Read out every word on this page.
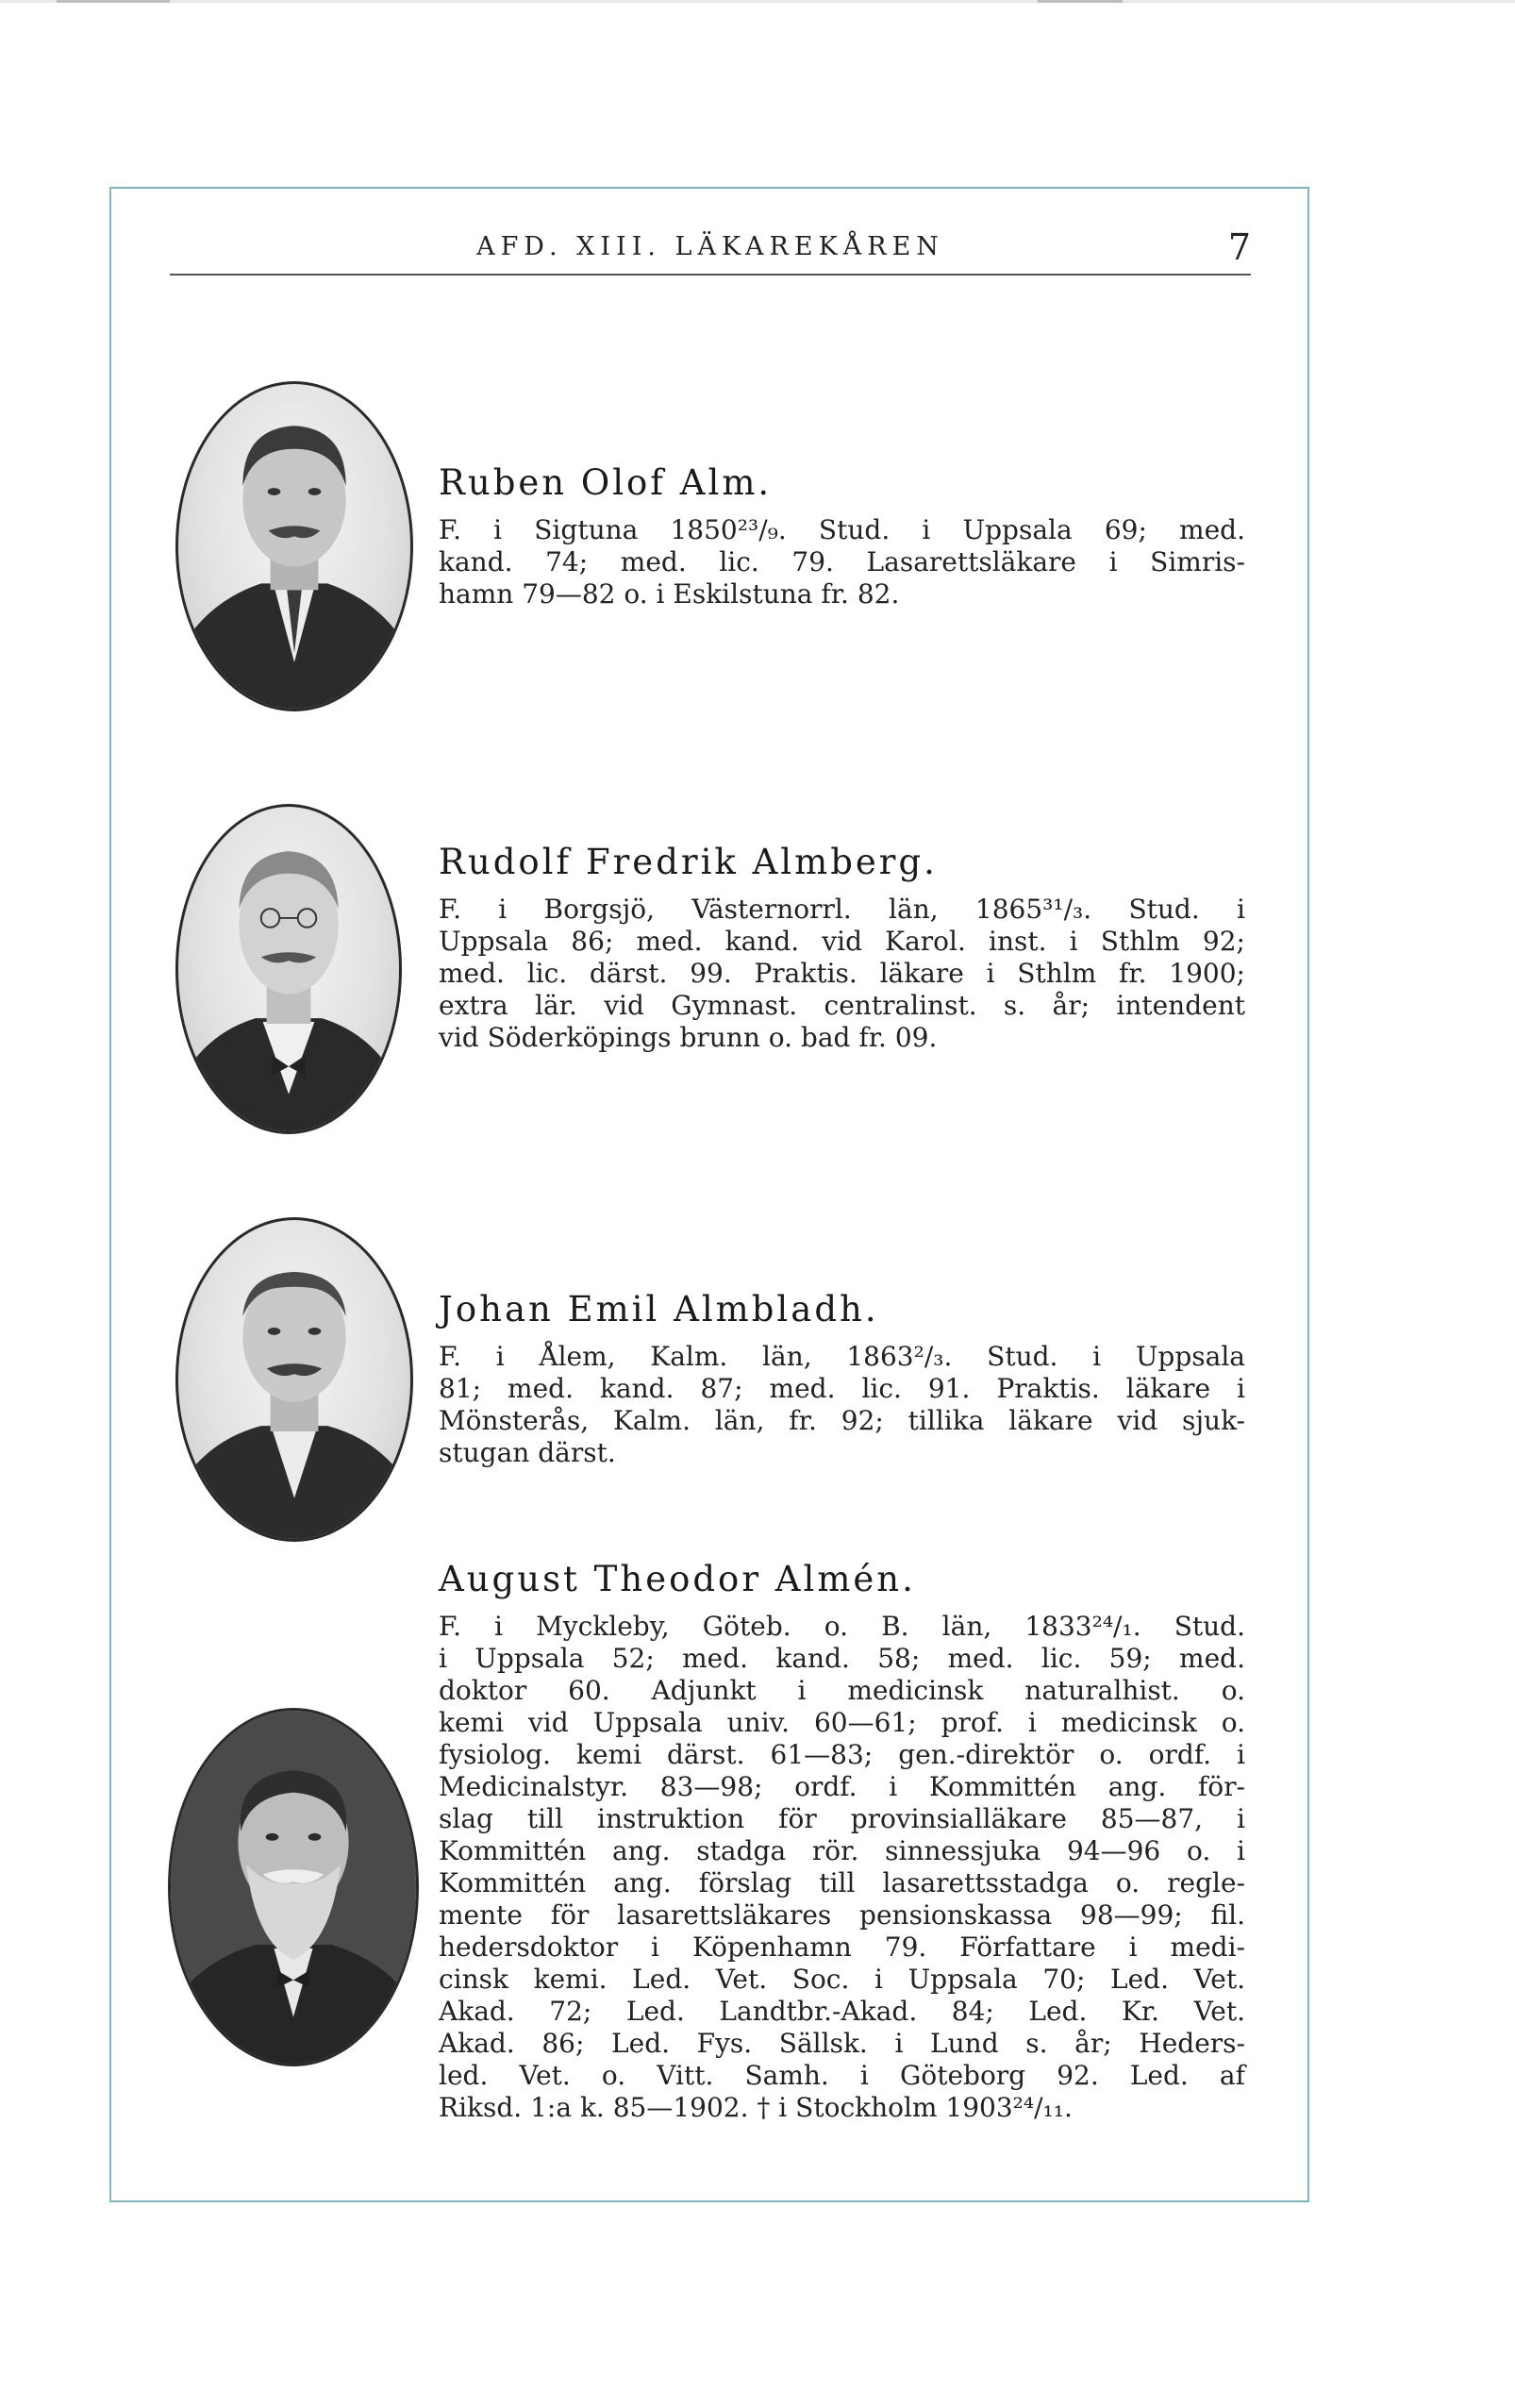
AFD. XIII. LÄKAREKÅREN	7
Ruben Olof Alm.
F. i Sigtuna 1850²³/₉. Stud. i Uppsala 69; med.
kand. 74; med. lic. 79. Lasarettsläkare i Simris-
hamn 79—82 o. i Eskilstuna fr. 82.
Rudolf Fredrik Almberg.
F. i Borgsjö, Västernorrl. län, 1865³¹/₃. Stud. i
Uppsala 86; med. kand. vid Karol. inst. i Sthlm 92;
med. lic. därst. 99. Praktis. läkare i Sthlm fr. 1900;
extra lär. vid Gymnast. centralinst. s. år; intendent
vid Söderköpings brunn o. bad fr. 09.
Johan Emil Almbladh.
F. i Ålem, Kalm. län, 1863²/₃. Stud. i Uppsala
81; med. kand. 87; med. lic. 91. Praktis. läkare i
Mönsterås, Kalm. län, fr. 92; tillika läkare vid sjuk-
stugan därst.
August Theodor Almén.
F. i Myckleby, Göteb. o. B. län, 1833²⁴/₁. Stud.
i Uppsala 52; med. kand. 58; med. lic. 59; med.
doktor 60. Adjunkt i medicinsk naturalhist. o.
kemi vid Uppsala univ. 60—61; prof. i medicinsk o.
fysiolog. kemi därst. 61—83; gen.-direktör o. ordf. i
Medicinalstyr. 83—98; ordf. i Kommittén ang. för-
slag till instruktion för provinsialläkare 85—87, i
Kommittén ang. stadga rör. sinnessjuka 94—96 o. i
Kommittén ang. förslag till lasarettsstadga o. regle-
mente för lasarettsläkares pensionskassa 98—99; fil.
hedersdoktor i Köpenhamn 79. Författare i medi-
cinsk kemi. Led. Vet. Soc. i Uppsala 70; Led. Vet.
Akad. 72; Led. Landtbr.-Akad. 84; Led. Kr. Vet.
Akad. 86; Led. Fys. Sällsk. i Lund s. år; Heders-
led. Vet. o. Vitt. Samh. i Göteborg 92. Led. af
Riksd. 1:a k. 85—1902. † i Stockholm 1903²⁴/₁₁.
